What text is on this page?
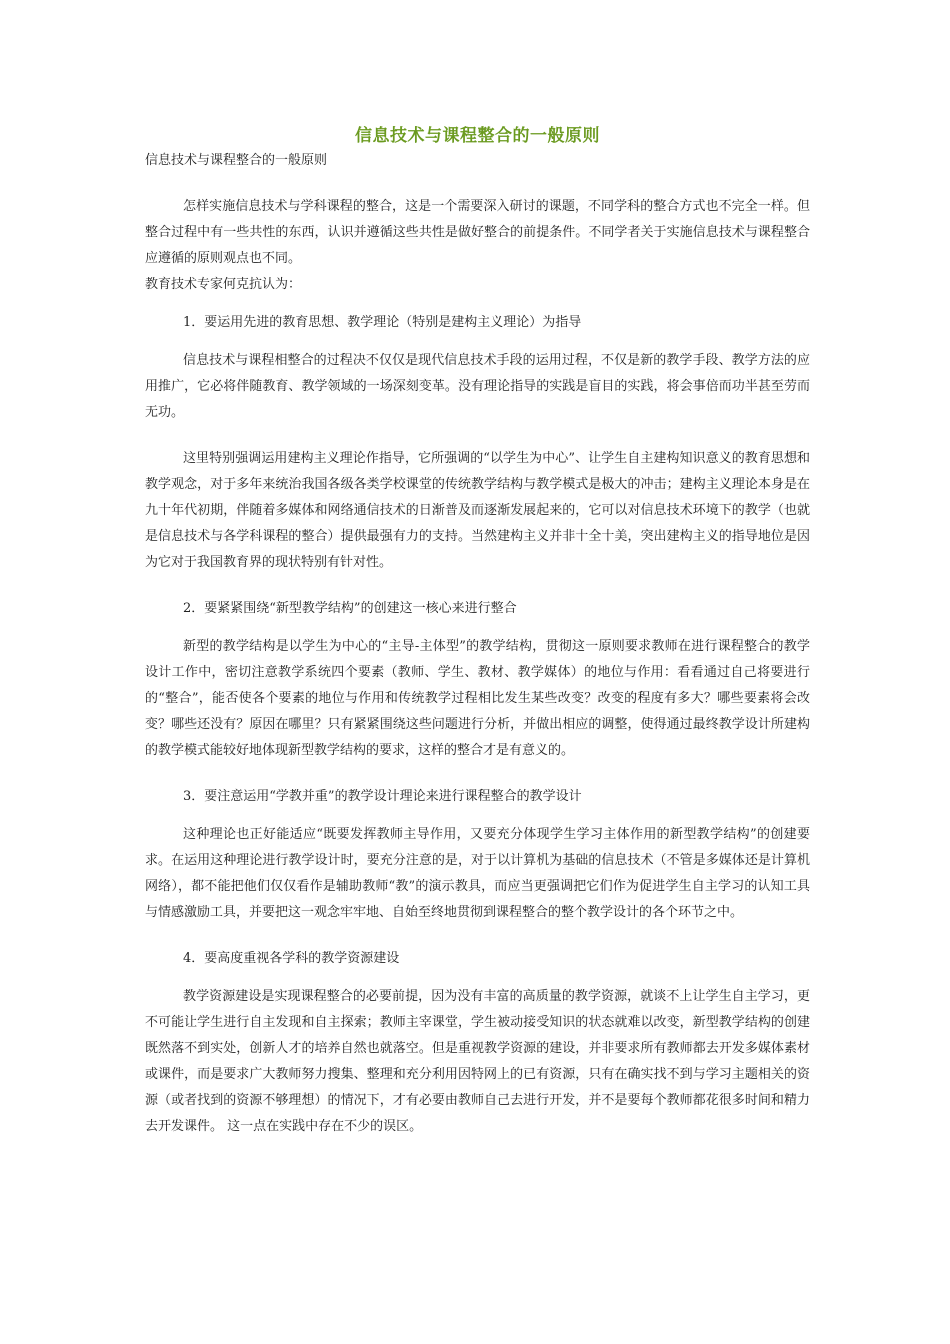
信息技术与课程整合的一般原则

信息技术与课程整合的一般原则

怎样实施信息技术与学科课程的整合，这是一个需要深入研讨的课题，不同学科的整合方式也不完全一样。但整合过程中有一些共性的东西，认识并遵循这些共性是做好整合的前提条件。不同学者关于实施信息技术与课程整合应遵循的原则观点也不同。

教育技术专家何克抗认为：

1．要运用先进的教育思想、教学理论（特别是建构主义理论）为指导

信息技术与课程相整合的过程决不仅仅是现代信息技术手段的运用过程，不仅是新的教学手段、教学方法的应用推广，它必将伴随教育、教学领域的一场深刻变革。没有理论指导的实践是盲目的实践，将会事倍而功半甚至劳而无功。

这里特别强调运用建构主义理论作指导，它所强调的“以学生为中心”、让学生自主建构知识意义的教育思想和教学观念，对于多年来统治我国各级各类学校课堂的传统教学结构与教学模式是极大的冲击；建构主义理论本身是在九十年代初期，伴随着多媒体和网络通信技术的日渐普及而逐渐发展起来的，它可以对信息技术环境下的教学（也就是信息技术与各学科课程的整合）提供最强有力的支持。当然建构主义并非十全十美，突出建构主义的指导地位是因为它对于我国教育界的现状特别有针对性。

2．要紧紧围绕“新型教学结构”的创建这一核心来进行整合

新型的教学结构是以学生为中心的“主导-主体型”的教学结构，贯彻这一原则要求教师在进行课程整合的教学设计工作中，密切注意教学系统四个要素（教师、学生、教材、教学媒体）的地位与作用：看看通过自己将要进行的“整合”，能否使各个要素的地位与作用和传统教学过程相比发生某些改变？改变的程度有多大？哪些要素将会改变？哪些还没有？原因在哪里？只有紧紧围绕这些问题进行分析，并做出相应的调整，使得通过最终教学设计所建构的教学模式能较好地体现新型教学结构的要求，这样的整合才是有意义的。

3．要注意运用“学教并重”的教学设计理论来进行课程整合的教学设计

这种理论也正好能适应“既要发挥教师主导作用，又要充分体现学生学习主体作用的新型教学结构”的创建要求。在运用这种理论进行教学设计时，要充分注意的是，对于以计算机为基础的信息技术（不管是多媒体还是计算机网络），都不能把他们仅仅看作是辅助教师“教”的演示教具，而应当更强调把它们作为促进学生自主学习的认知工具与情感激励工具，并要把这一观念牢牢地、自始至终地贯彻到课程整合的整个教学设计的各个环节之中。

4．要高度重视各学科的教学资源建设

教学资源建设是实现课程整合的必要前提，因为没有丰富的高质量的教学资源，就谈不上让学生自主学习，更不可能让学生进行自主发现和自主探索；教师主宰课堂，学生被动接受知识的状态就难以改变，新型教学结构的创建既然落不到实处，创新人才的培养自然也就落空。但是重视教学资源的建设，并非要求所有教师都去开发多媒体素材或课件，而是要求广大教师努力搜集、整理和充分利用因特网上的已有资源，只有在确实找不到与学习主题相关的资源（或者找到的资源不够理想）的情况下，才有必要由教师自己去进行开发，并不是要每个教师都花很多时间和精力去开发课件。 这一点在实践中存在不少的误区。
